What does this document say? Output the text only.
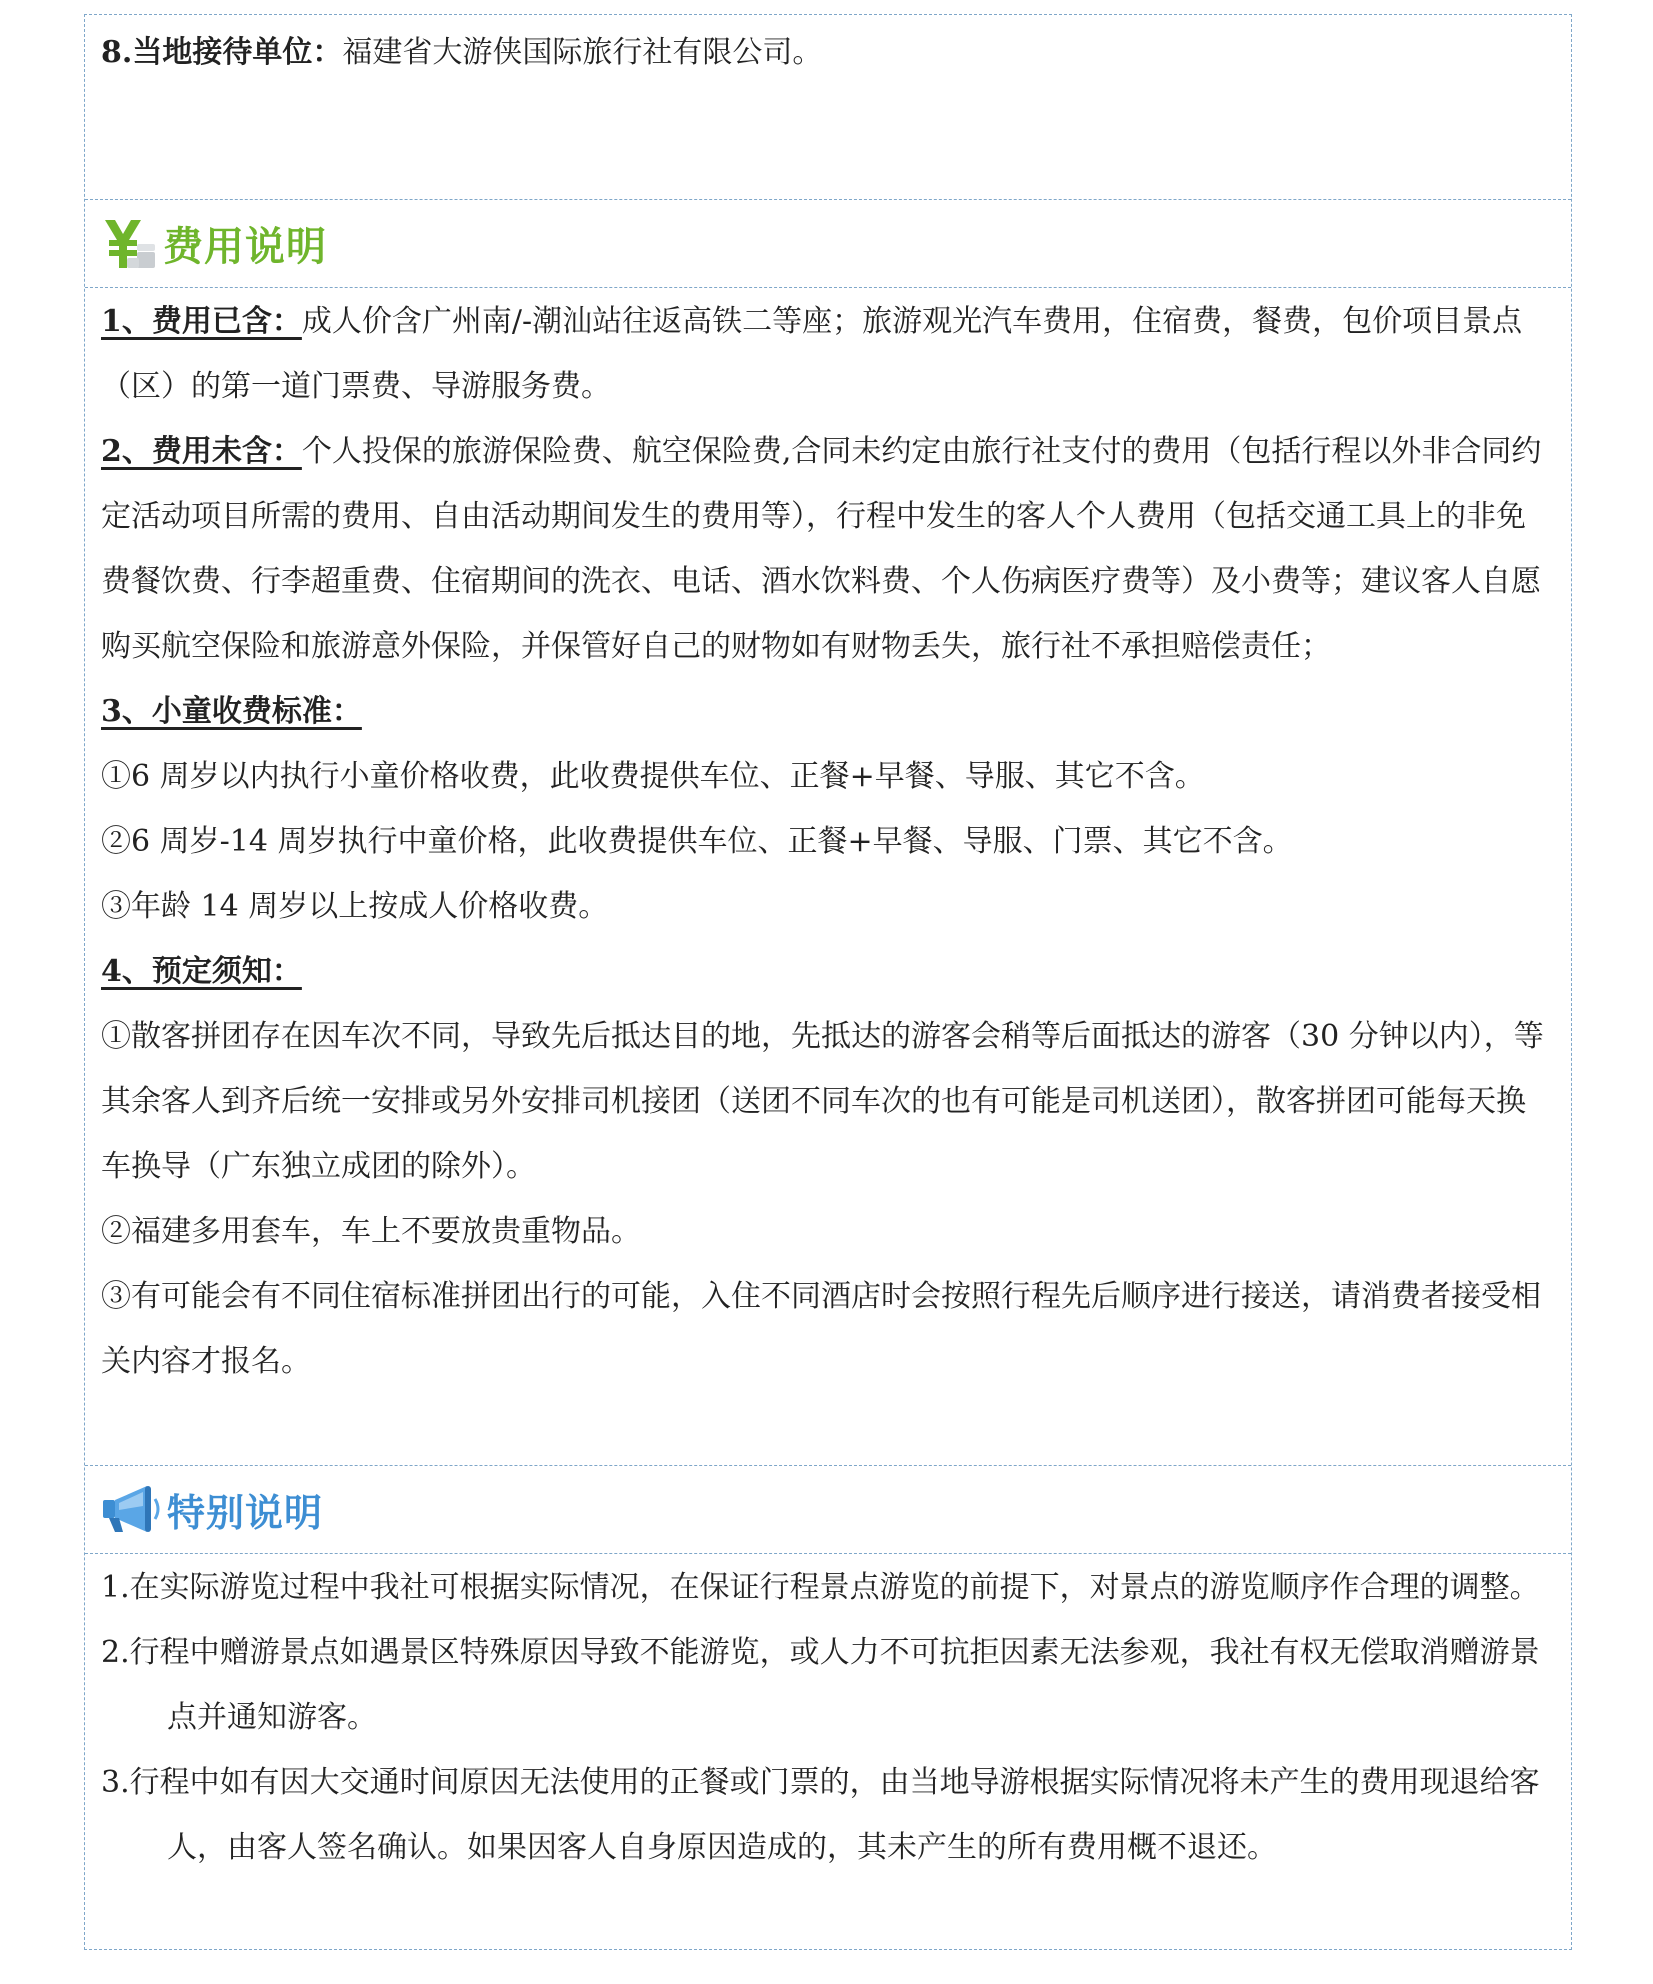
8.当地接待单位：福建省大游侠国际旅行社有限公司。

费用说明

1、费用已含：成人价含广州南/-潮汕站往返高铁二等座；旅游观光汽车费用，住宿费，餐费，包价项目景点（区）的第一道门票费、导游服务费。

2、费用未含：个人投保的旅游保险费、航空保险费,合同未约定由旅行社支付的费用（包括行程以外非合同约定活动项目所需的费用、自由活动期间发生的费用等），行程中发生的客人个人费用（包括交通工具上的非免费餐饮费、行李超重费、住宿期间的洗衣、电话、酒水饮料费、个人伤病医疗费等）及小费等；建议客人自愿购买航空保险和旅游意外保险，并保管好自己的财物如有财物丢失，旅行社不承担赔偿责任；

3、小童收费标准：

①6 周岁以内执行小童价格收费，此收费提供车位、正餐+早餐、导服、其它不含。

②6 周岁-14 周岁执行中童价格，此收费提供车位、正餐+早餐、导服、门票、其它不含。

③年龄 14 周岁以上按成人价格收费。

4、预定须知：

①散客拼团存在因车次不同，导致先后抵达目的地，先抵达的游客会稍等后面抵达的游客（30 分钟以内），等其余客人到齐后统一安排或另外安排司机接团（送团不同车次的也有可能是司机送团），散客拼团可能每天换车换导（广东独立成团的除外）。

②福建多用套车，车上不要放贵重物品。

③有可能会有不同住宿标准拼团出行的可能，入住不同酒店时会按照行程先后顺序进行接送，请消费者接受相关内容才报名。

特别说明

1.在实际游览过程中我社可根据实际情况，在保证行程景点游览的前提下，对景点的游览顺序作合理的调整。

2.行程中赠游景点如遇景区特殊原因导致不能游览，或人力不可抗拒因素无法参观，我社有权无偿取消赠游景点并通知游客。

3.行程中如有因大交通时间原因无法使用的正餐或门票的，由当地导游根据实际情况将未产生的费用现退给客人，由客人签名确认。如果因客人自身原因造成的，其未产生的所有费用概不退还。
